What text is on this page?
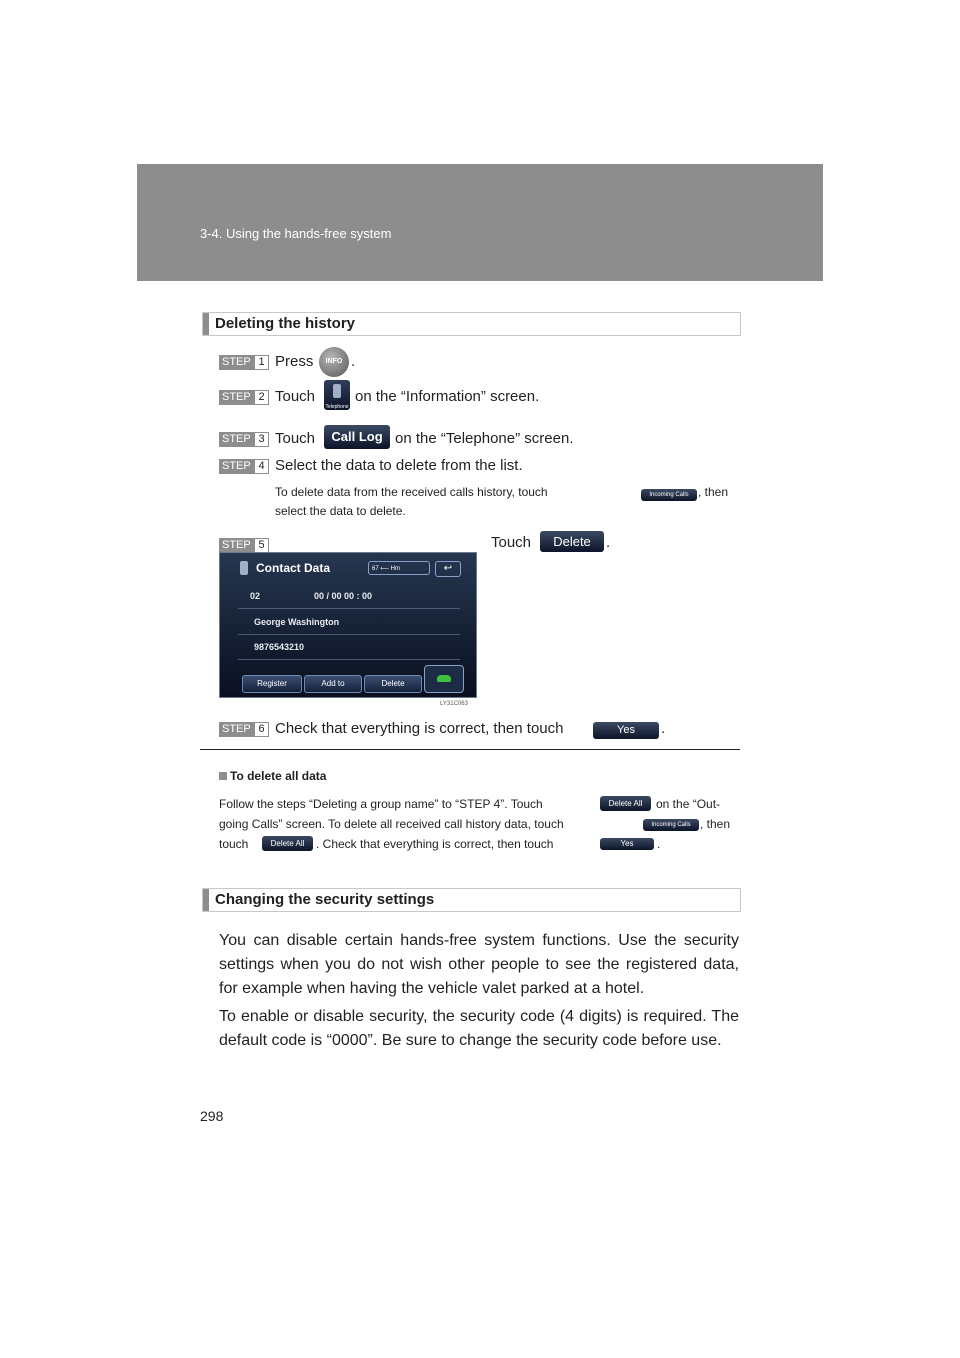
3-4. Using the hands-free system
Deleting the history
STEP 1 Press	INFO .
STEP 2 Touch
Telephone
on the “Information” screen.
STEP 3 Touch	Call Log on the “Telephone” screen.
STEP 4 Select the data to delete from the list.
To delete data from the received calls history, touch	Incoming Calls , then
select the data to delete.
STEP 5	Touch	Delete	.
Contact Data	67 ⟵ Hm	↩
02	00 / 00 00 : 00
George Washington
9876543210
Register	Add to	Delete
LY31C063
STEP 6 Check that everything is correct, then touch	Yes	.
To delete all data
Follow the steps “Deleting a group name” to “STEP 4”. Touch	Delete All	on the “Out-
going Calls” screen. To delete all received call history data, touch	Incoming Calls , then
touch	Delete All . Check that everything is correct, then touch	Yes	.
Changing the security settings
You can disable certain hands-free system functions. Use the security settings when you do not wish other people to see the registered data, for example when having the vehicle valet parked at a hotel.
To enable or disable security, the security code (4 digits) is required. The default code is “0000”. Be sure to change the security code before use.
298
